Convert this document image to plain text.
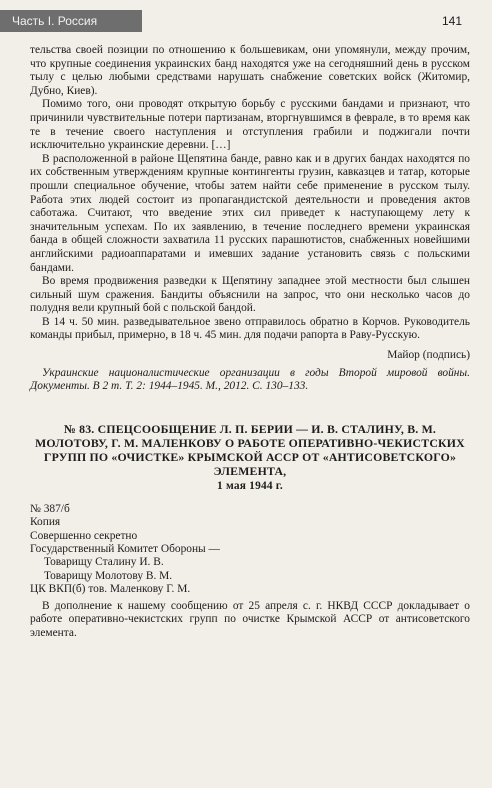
Часть I. Россия	141

тельства своей позиции по отношению к большевикам, они упомянули, между прочим, что крупные соединения украинских банд находятся уже на сегодняшний день в русском тылу с целью любыми средствами нарушать снабжение советских войск (Житомир, Дубно, Киев).

Помимо того, они проводят открытую борьбу с русскими бандами и признают, что причинили чувствительные потери партизанам, вторгнувшимся в феврале, в то время как те в течение своего наступления и отступления грабили и поджигали почти исключительно украинские деревни. […]

В расположенной в районе Щепятина банде, равно как и в других бандах находятся по их собственным утверждениям крупные контингенты грузин, кавказцев и татар, которые прошли специальное обучение, чтобы затем найти себе применение в русском тылу. Работа этих людей состоит из пропагандистской деятельности и проведения актов саботажа. Считают, что введение этих сил приведет к наступающему лету к значительным успехам. По их заявлению, в течение последнего времени украинская банда в общей сложности захватила 11 русских парашютистов, снабженных новейшими английскими радиоаппаратами и имевших задание установить связь с польскими бандами.

Во время продвижения разведки к Щепятину западнее этой местности был слышен сильный шум сражения. Бандиты объяснили на запрос, что они несколько часов до полудня вели крупный бой с польской бандой.

В 14 ч. 50 мин. разведывательное звено отправилось обратно в Корчов. Руководитель команды прибыл, примерно, в 18 ч. 45 мин. для подачи рапорта в Раву-Русскую.

Майор (подпись)

Украинские националистические организации в годы Второй мировой войны. Документы. В 2 т. Т. 2: 1944–1945. М., 2012. С. 130–133.

№ 83. СПЕЦСООБЩЕНИЕ Л. П. БЕРИИ — И. В. СТАЛИНУ, В. М. МОЛОТОВУ, Г. М. МАЛЕНКОВУ О РАБОТЕ ОПЕРАТИВНО-ЧЕКИСТСКИХ ГРУПП ПО «ОЧИСТКЕ» КРЫМСКОЙ АССР ОТ «АНТИСОВЕТСКОГО» ЭЛЕМЕНТА,
1 мая 1944 г.

№ 387/б
Копия
Совершенно секретно
Государственный Комитет Обороны —
Товарищу Сталину И. В.
Товарищу Молотову В. М.
ЦК ВКП(б) тов. Маленкову Г. М.

В дополнение к нашему сообщению от 25 апреля с. г. НКВД СССР докладывает о работе оперативно-чекистских групп по очистке Крымской АССР от антисоветского элемента.
